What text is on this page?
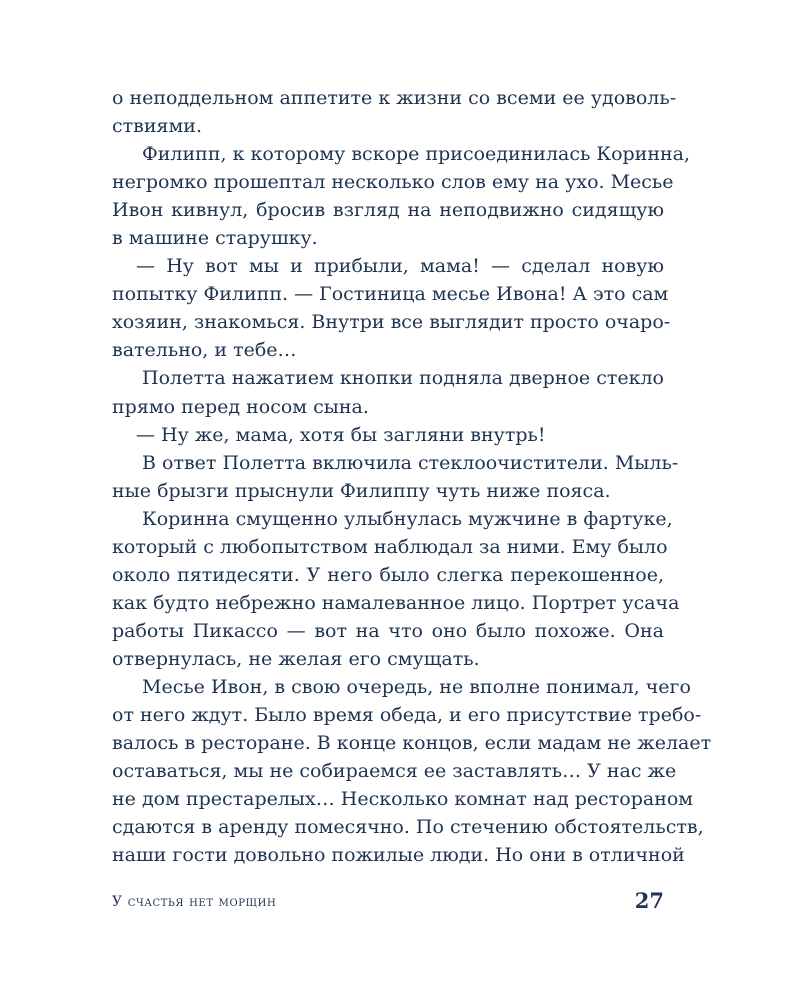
о неподдельном аппетите к жизни со всеми ее удоволь-
ствиями.
Филипп, к которому вскоре присоединилась Коринна,
негромко прошептал несколько слов ему на ухо. Месье
Ивон кивнул, бросив взгляд на неподвижно сидящую
в машине старушку.
— Ну вот мы и прибыли, мама! — сделал новую
попытку Филипп. — Гостиница месье Ивона! А это сам
хозяин, знакомься. Внутри все выглядит просто очаро-
вательно, и тебе…
Полетта нажатием кнопки подняла дверное стекло
прямо перед носом сына.
— Ну же, мама, хотя бы загляни внутрь!
В ответ Полетта включила стеклоочистители. Мыль-
ные брызги прыснули Филиппу чуть ниже пояса.
Коринна смущенно улыбнулась мужчине в фартуке,
который с любопытством наблюдал за ними. Ему было
около пятидесяти. У него было слегка перекошенное,
как будто небрежно намалеванное лицо. Портрет усача
работы Пикассо — вот на что оно было похоже. Она
отвернулась, не желая его смущать.
Месье Ивон, в свою очередь, не вполне понимал, чего
от него ждут. Было время обеда, и его присутствие требо-
валось в ресторане. В конце концов, если мадам не желает
оставаться, мы не собираемся ее заставлять… У нас же
не дом престарелых… Несколько комнат над рестораном
сдаются в аренду помесячно. По стечению обстоятельств,
наши гости довольно пожилые люди. Но они в отличной
У счастья нет морщин	27
